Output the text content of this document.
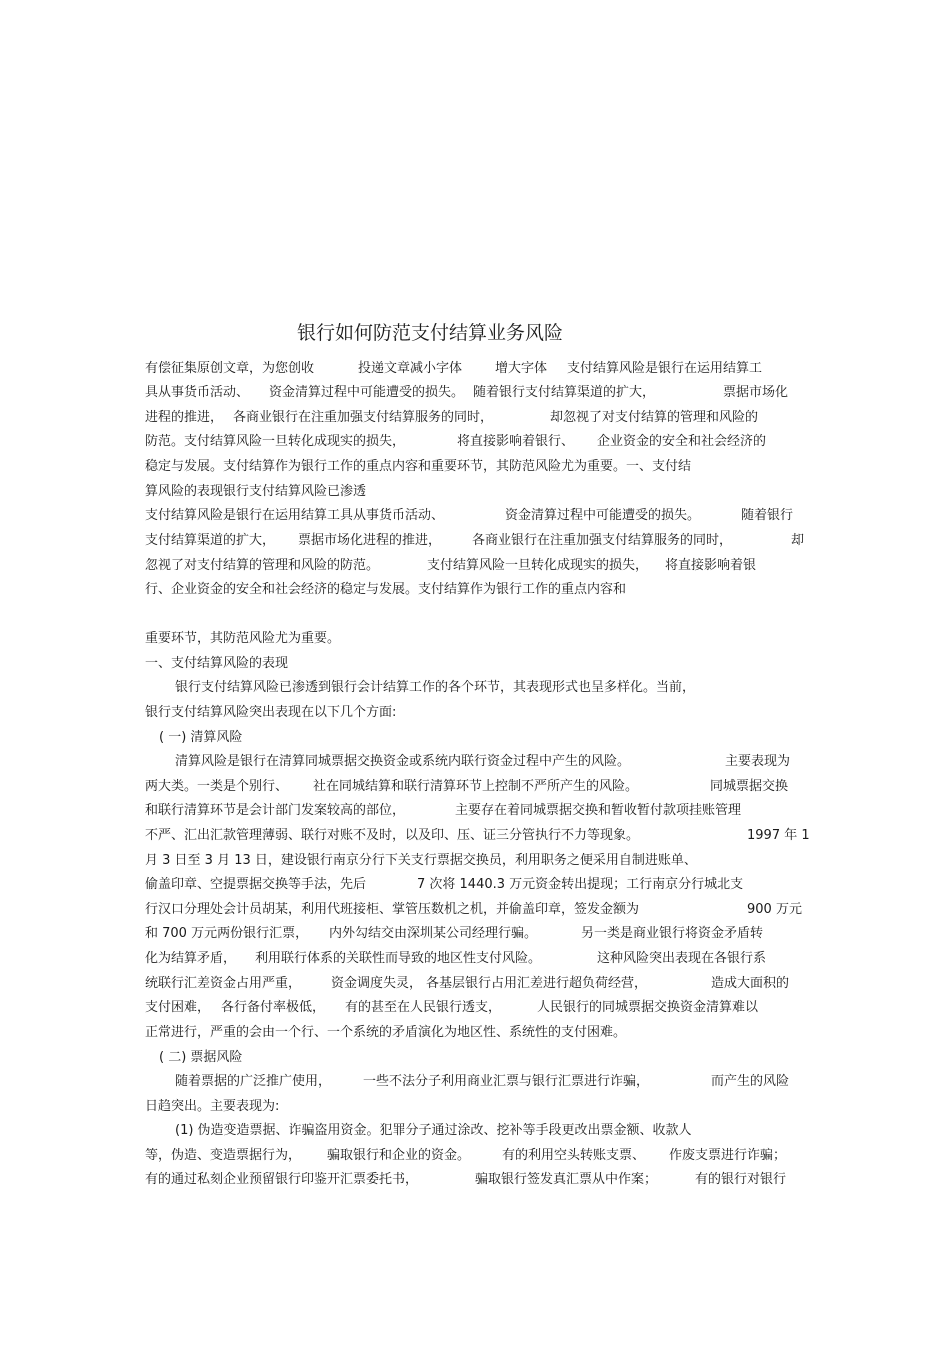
银行如何防范支付结算业务风险
有偿征集原创文章，为您创收	投递文章减小字体	增大字体 支付结算风险是银行在运用结算工
具从事货币活动、 资金清算过程中可能遭受的损失。 随着银行支付结算渠道的扩大，	票据市场化
进程的推进， 各商业银行在注重加强支付结算服务的同时，	却忽视了对支付结算的管理和风险的
防范。支付结算风险一旦转化成现实的损失，	将直接影响着银行、 企业资金的安全和社会经济的
稳定与发展。支付结算作为银行工作的重点内容和重要环节，其防范风险尤为重要。一、支付结
算风险的表现银行支付结算风险已渗透
支付结算风险是银行在运用结算工具从事货币活动、	资金清算过程中可能遭受的损失。	随着银行
支付结算渠道的扩大， 票据市场化进程的推进， 各商业银行在注重加强支付结算服务的同时，	却
忽视了对支付结算的管理和风险的防范。	支付结算风险一旦转化成现实的损失， 将直接影响着银
行、企业资金的安全和社会经济的稳定与发展。支付结算作为银行工作的重点内容和
重要环节，其防范风险尤为重要。
一、支付结算风险的表现
银行支付结算风险已渗透到银行会计结算工作的各个环节，其表现形式也呈多样化。当前，
银行支付结算风险突出表现在以下几个方面:
( 一) 清算风险
清算风险是银行在清算同城票据交换资金或系统内联行资金过程中产生的风险。	主要表现为
两大类。一类是个别行、 社在同城结算和联行清算环节上控制不严所产生的风险。	同城票据交换
和联行清算环节是会计部门发案较高的部位，	主要存在着同城票据交换和暂收暂付款项挂账管理
不严、汇出汇款管理薄弱、联行对账不及时，以及印、压、证三分管执行不力等现象。	1997 年 1
月 3 日至 3 月 13 日，建设银行南京分行下关支行票据交换员，利用职务之便采用自制进账单、
偷盖印章、空提票据交换等手法，先后	7 次将 1440.3 万元资金转出提现；工行南京分行城北支
行汉口分理处会计员胡某，利用代班接柜、掌管压数机之机，并偷盖印章，签发金额为	900 万元
和 700 万元两份银行汇票， 内外勾结交由深圳某公司经理行骗。	另一类是商业银行将资金矛盾转
化为结算矛盾， 利用联行体系的关联性而导致的地区性支付风险。	这种风险突出表现在各银行系
统联行汇差资金占用严重， 资金调度失灵， 各基层银行占用汇差进行超负荷经营，	造成大面积的
支付困难， 各行备付率极低， 有的甚至在人民银行透支，	人民银行的同城票据交换资金清算难以
正常进行，严重的会由一个行、一个系统的矛盾演化为地区性、系统性的支付困难。
( 二) 票据风险
随着票据的广泛推广使用， 一些不法分子利用商业汇票与银行汇票进行诈骗，	而产生的风险
日趋突出。主要表现为:
(1) 伪造变造票据、诈骗盗用资金。犯罪分子通过涂改、挖补等手段更改出票金额、收款人
等，伪造、变造票据行为， 骗取银行和企业的资金。 有的利用空头转账支票、 作废支票进行诈骗；
有的通过私刻企业预留银行印鉴开汇票委托书，	骗取银行签发真汇票从中作案；	有的银行对银行
